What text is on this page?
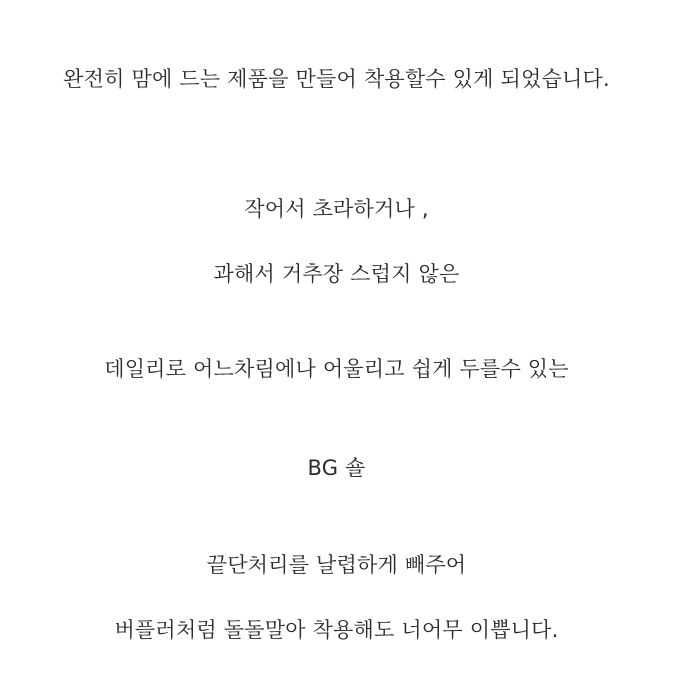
완전히 맘에 드는 제품을 만들어 착용할수 있게 되었습니다.
작어서 초라하거나 ,
과해서 거추장 스럽지 않은
데일리로 어느차림에나 어울리고 쉽게 두를수 있는
BG 숄
끝단처리를 날렵하게 빼주어
버플러처럼 돌돌말아 착용해도 너어무 이쁩니다.
